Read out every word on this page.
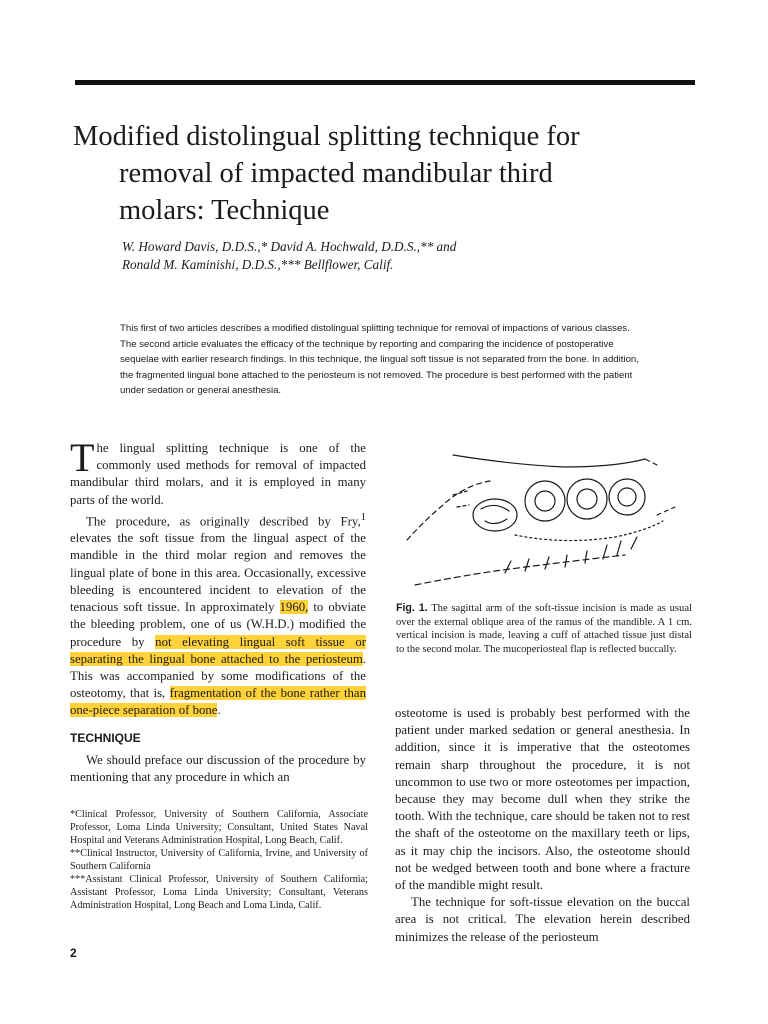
Modified distolingual splitting technique for
removal of impacted mandibular third
molars: Technique
W. Howard Davis, D.D.S.,* David A. Hochwald, D.D.S.,** and
Ronald M. Kaminishi, D.D.S.,*** Bellflower, Calif.

This first of two articles describes a modified distolingual splitting technique for removal of impactions of various classes. The second article evaluates the efficacy of the technique by reporting and comparing the incidence of postoperative sequelae with earlier research findings. In this technique, the lingual soft tissue is not separated from the bone. In addition, the fragmented lingual bone attached to the periosteum is not removed. The procedure is best performed with the patient under sedation or general anesthesia.

The lingual splitting technique is one of the commonly used methods for removal of impacted mandibular third molars, and it is employed in many parts of the world.

The procedure, as originally described by Fry,$^1$ elevates the soft tissue from the lingual aspect of the mandible in the third molar region and removes the lingual plate of bone in this area. Occasionally, excessive bleeding is encountered incident to elevation of the tenacious soft tissue. In approximately 1960, to obviate the bleeding problem, one of us (W.H.D.) modified the procedure by not elevating lingual soft tissue or separating the lingual bone attached to the periosteum. This was accompanied by some modifications of the osteotomy, that is, fragmentation of the bone rather than one-piece separation of bone.

TECHNIQUE

We should preface our discussion of the procedure by mentioning that any procedure in which an

*Clinical Professor, University of Southern California, Associate Professor, Loma Linda University; Consultant, United States Naval Hospital and Veterans Administration Hospital, Long Beach, Calif.

**Clinical Instructor, University of California, Irvine, and University of Southern California

***Assistant Clinical Professor, University of Southern California; Assistant Professor, Loma Linda University; Consultant, Veterans Administration Hospital, Long Beach and Loma Linda, Calif.

2

Fig. 1. The sagittal arm of the soft-tissue incision is made as usual over the external oblique area of the ramus of the mandible. A 1 cm. vertical incision is made, leaving a cuff of attached tissue just distal to the second molar. The mucoperiosteal flap is reflected buccally.

osteotome is used is probably best performed with the patient under marked sedation or general anesthesia. In addition, since it is imperative that the osteotomes remain sharp throughout the procedure, it is not uncommon to use two or more osteotomes per impaction, because they may become dull when they strike the tooth. With the technique, care should be taken not to rest the shaft of the osteotome on the maxillary teeth or lips, as it may chip the incisors. Also, the osteotome should not be wedged between tooth and bone where a fracture of the mandible might result.

The technique for soft-tissue elevation on the buccal area is not critical. The elevation herein described minimizes the release of the periosteum
